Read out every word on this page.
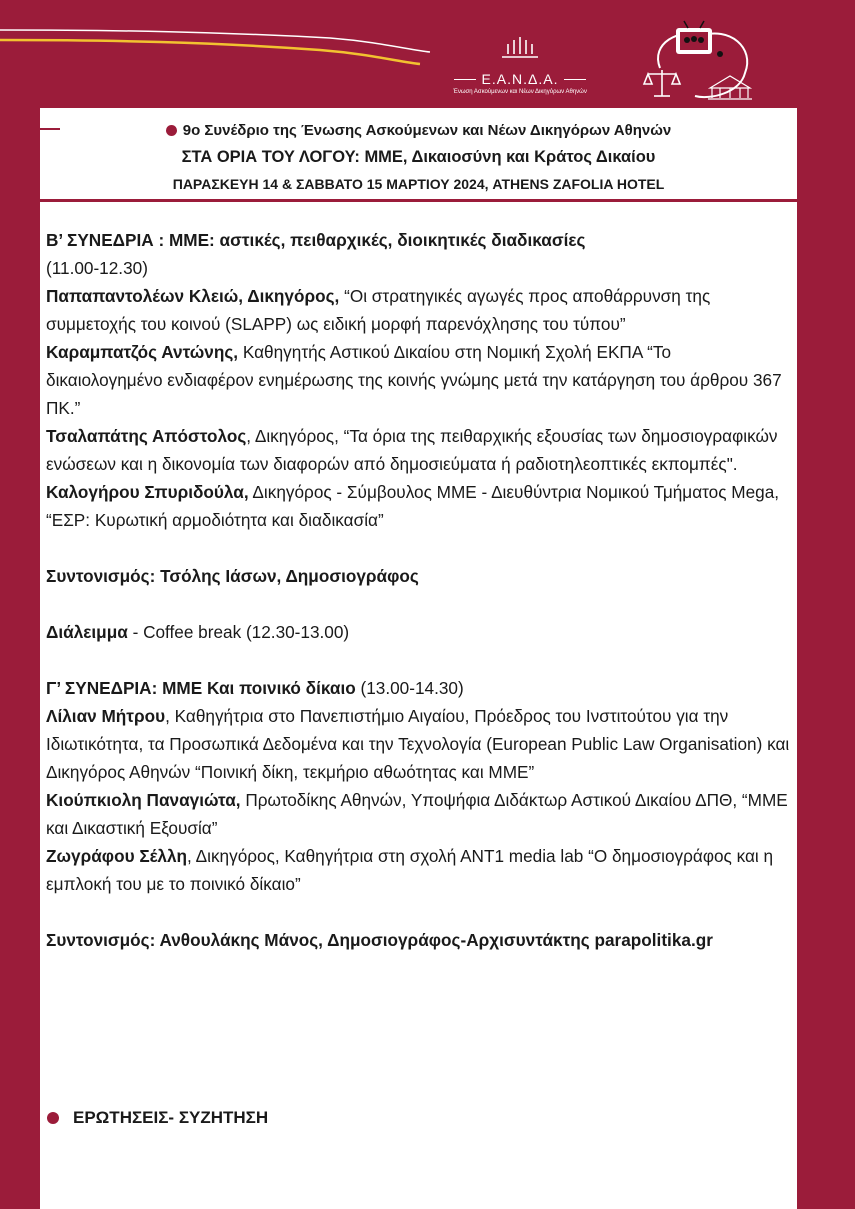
Ε.Α.Ν.Δ.Α.
Ένωση Ασκούμενων και Νέων Δικηγόρων Αθηνών
9ο Συνέδριο της Ένωσης Ασκούμενων και Νέων Δικηγόρων Αθηνών
ΣΤΑ ΟΡΙΑ ΤΟΥ ΛΟΓΟΥ: ΜΜΕ, Δικαιοσύνη και Κράτος Δικαίου
ΠΑΡΑΣΚΕΥΗ 14 & ΣΑΒΒΑΤΟ 15 ΜΑΡΤΙΟΥ 2024, ATHENS ZAFOLIA HOTEL

Β’ ΣΥΝΕΔΡΙΑ : ΜΜΕ: αστικές, πειθαρχικές, διοικητικές διαδικασίες
(11.00-12.30)

Παπαπαντολέων Κλειώ, Δικηγόρος, “Οι στρατηγικές αγωγές προς αποθάρρυνση της συμμετοχής του κοινού (SLAPP) ως ειδική μορφή παρενόχλησης του τύπου”

Καραμπατζός Αντώνης, Καθηγητής Αστικού Δικαίου στη Νομική Σχολή ΕΚΠΑ “Το δικαιολογημένο ενδιαφέρον ενημέρωσης της κοινής γνώμης μετά την κατάργηση του άρθρου 367 ΠΚ.”

Τσαλαπάτης Απόστολος, Δικηγόρος, “Τα όρια της πειθαρχικής εξουσίας των δημοσιογραφικών ενώσεων και η δικονομία των διαφορών από δημοσιεύματα ή ραδιοτηλεοπτικές εκπομπές".

Καλογήρου Σπυριδούλα, Δικηγόρος - Σύμβουλος ΜΜΕ - Διευθύντρια Νομικού Τμήματος Mega, “ΕΣΡ: Κυρωτική αρμοδιότητα και διαδικασία”

Συντονισμός: Τσόλης Ιάσων, Δημοσιογράφος

Διάλειμμα - Coffee break (12.30-13.00)

Γ’ ΣΥΝΕΔΡΙΑ: ΜΜΕ Και ποινικό δίκαιο (13.00-14.30)

Λίλιαν Μήτρου, Καθηγήτρια στο Πανεπιστήμιο Αιγαίου, Πρόεδρος του Ινστιτούτου για την Ιδιωτικότητα, τα Προσωπικά Δεδομένα και την Τεχνολογία (European Public Law Organisation) και Δικηγόρος Αθηνών “Ποινική δίκη, τεκμήριο αθωότητας και ΜΜΕ”

Κιούπκιολη Παναγιώτα, Πρωτοδίκης Αθηνών, Υποψήφια Διδάκτωρ Αστικού Δικαίου ΔΠΘ, “ΜΜΕ και Δικαστική Εξουσία”

Ζωγράφου Σέλλη, Δικηγόρος, Καθηγήτρια στη σχολή ΑΝΤ1 media lab “Ο δημοσιογράφος και η εμπλοκή του με το ποινικό δίκαιο”

Συντονισμός: Ανθουλάκης Μάνος, Δημοσιογράφος-Αρχισυντάκτης parapolitika.gr

ΕΡΩΤΗΣΕΙΣ- ΣΥΖΗΤΗΣΗ
